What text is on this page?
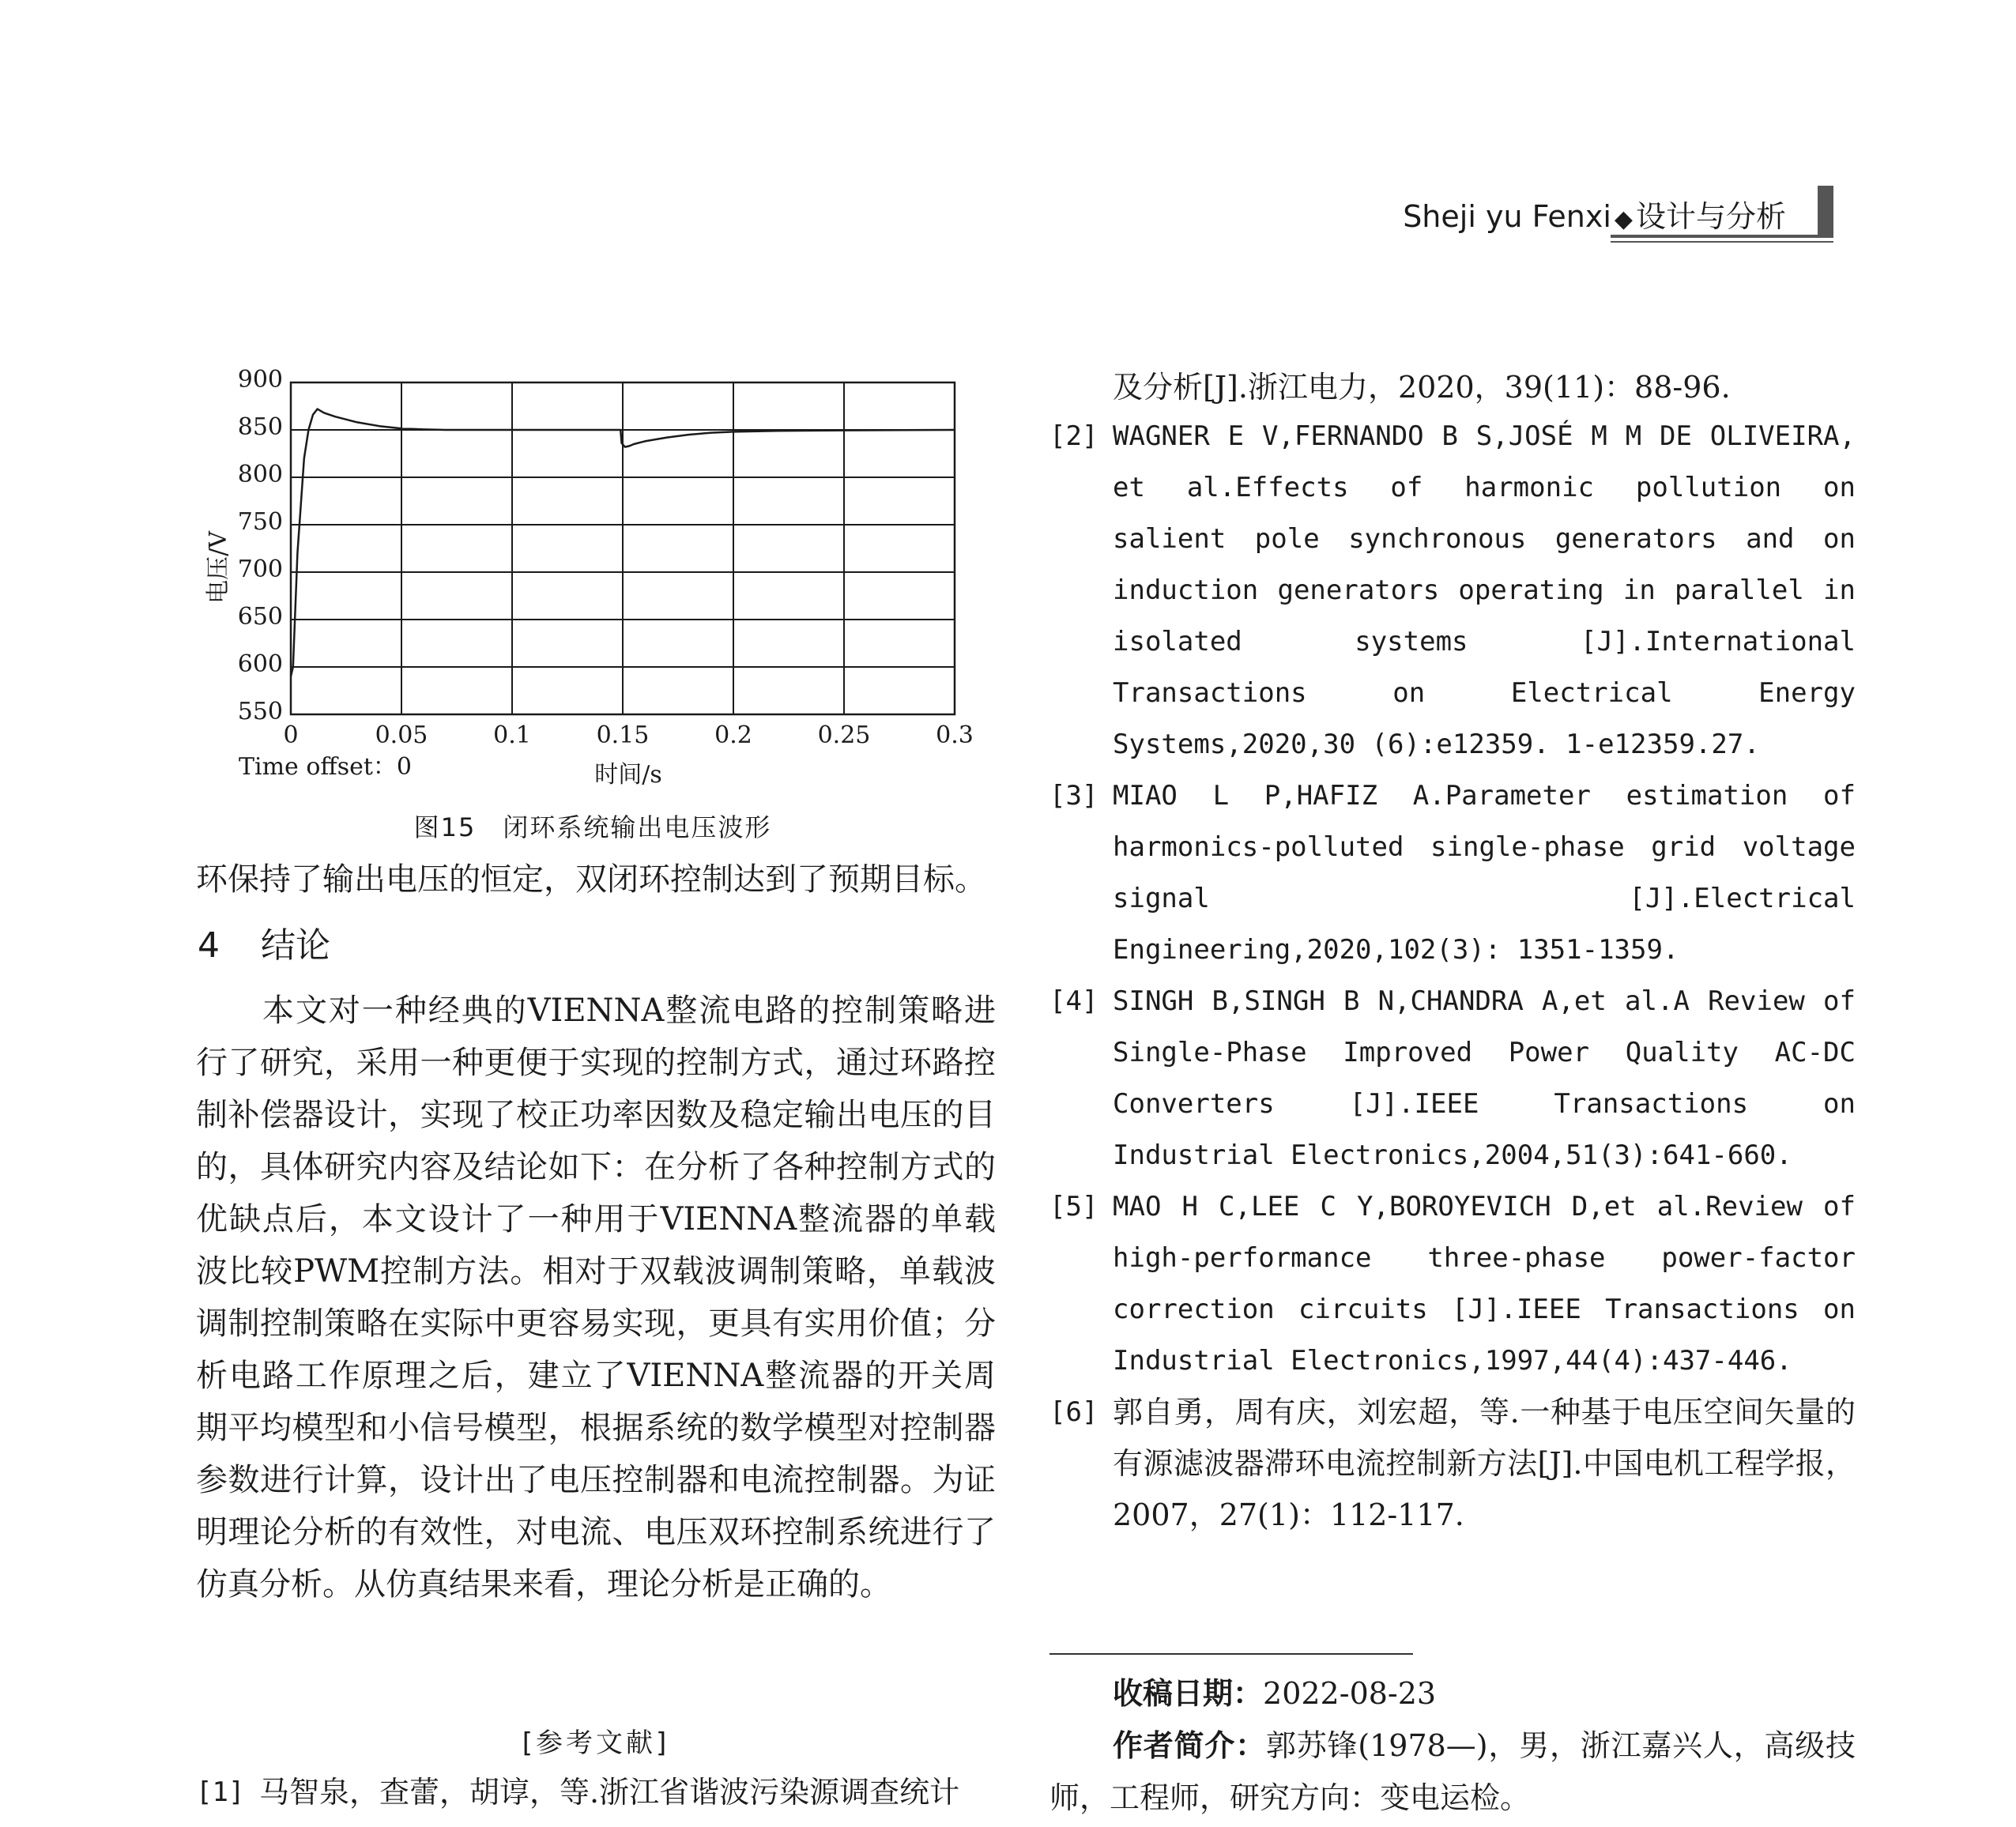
Sheji yu Fenxi ◆ 设计与分析
0	0.05	0.1	0.15	0.2	0.25	0.3
550
600
650
700
750
800
850
900
电压/V
时间/s
Time offset：0
图15　闭环系统输出电压波形
环保持了输出电压的恒定，双闭环控制达到了预期目标。
4 结论
本文对一种经典的VIENNA整流电路的控制策略进行了研究，采用一种更便于实现的控制方式，通过环路控制补偿器设计，实现了校正功率因数及稳定输出电压的目的，具体研究内容及结论如下：在分析了各种控制方式的优缺点后，本文设计了一种用于VIENNA整流器的单载波比较PWM控制方法。相对于双载波调制策略，单载波调制控制策略在实际中更容易实现，更具有实用价值；分析电路工作原理之后，建立了VIENNA整流器的开关周期平均模型和小信号模型，根据系统的数学模型对控制器参数进行计算，设计出了电压控制器和电流控制器。为证明理论分析的有效性，对电流、电压双环控制系统进行了仿真分析。从仿真结果来看，理论分析是正确的。
[参考文献]
[1] 马智泉，查蕾，胡谆，等.浙江省谐波污染源调查统计
及分析[J].浙江电力，2020，39(11)：88-96.
[2] WAGNER E V,FERNANDO B S,JOSÉ M M DE OLIVEIRA, et al.Effects of harmonic pollution on salient pole synchronous generators and on induction generators operating in parallel in isolated systems [J].International Transactions on Electrical Energy Systems,2020,30 (6):e12359. 1-e12359.27.
[3] MIAO L P,HAFIZ A.Parameter estimation of harmonics-polluted single-phase grid voltage signal [J].Electrical Engineering,2020,102(3): 1351-1359.
[4] SINGH B,SINGH B N,CHANDRA A,et al.A Review of Single-Phase Improved Power Quality AC-DC Converters [J].IEEE Transactions on Industrial Electronics,2004,51(3):641-660.
[5] MAO H C,LEE C Y,BOROYEVICH D,et al.Review of high-performance three-phase power-factor correction circuits [J].IEEE Transactions on Industrial Electronics,1997,44(4):437-446.
[6] 郭自勇，周有庆，刘宏超，等.一种基于电压空间矢量的有源滤波器滞环电流控制新方法[J].中国电机工程学报，2007，27(1)：112-117.
收稿日期：2022-08-23
作者简介：郭苏锋(1978—)，男，浙江嘉兴人，高级技师，工程师，研究方向：变电运检。
